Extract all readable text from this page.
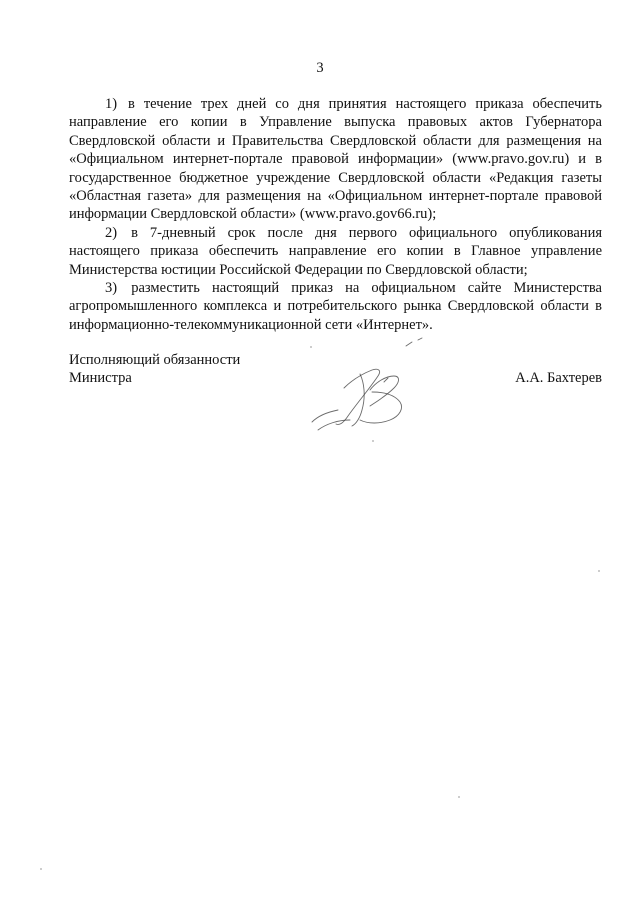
3

1) в течение трех дней со дня принятия настоящего приказа обеспечить направление его копии в Управление выпуска правовых актов Губернатора Свердловской области и Правительства Свердловской области для размещения на «Официальном интернет-портале правовой информации» (www.pravo.gov.ru) и в государственное бюджетное учреждение Свердловской области «Редакция газеты «Областная газета» для размещения на «Официальном интернет-портале правовой информации Свердловской области» (www.pravo.gov66.ru);

2) в 7-дневный срок после дня первого официального опубликования настоящего приказа обеспечить направление его копии в Главное управление Министерства юстиции Российской Федерации по Свердловской области;

3) разместить настоящий приказ на официальном сайте Министерства агропромышленного комплекса и потребительского рынка Свердловской области в информационно-телекоммуникационной сети «Интернет».

Исполняющий обязанности
Министра	А.А. Бахтерев
